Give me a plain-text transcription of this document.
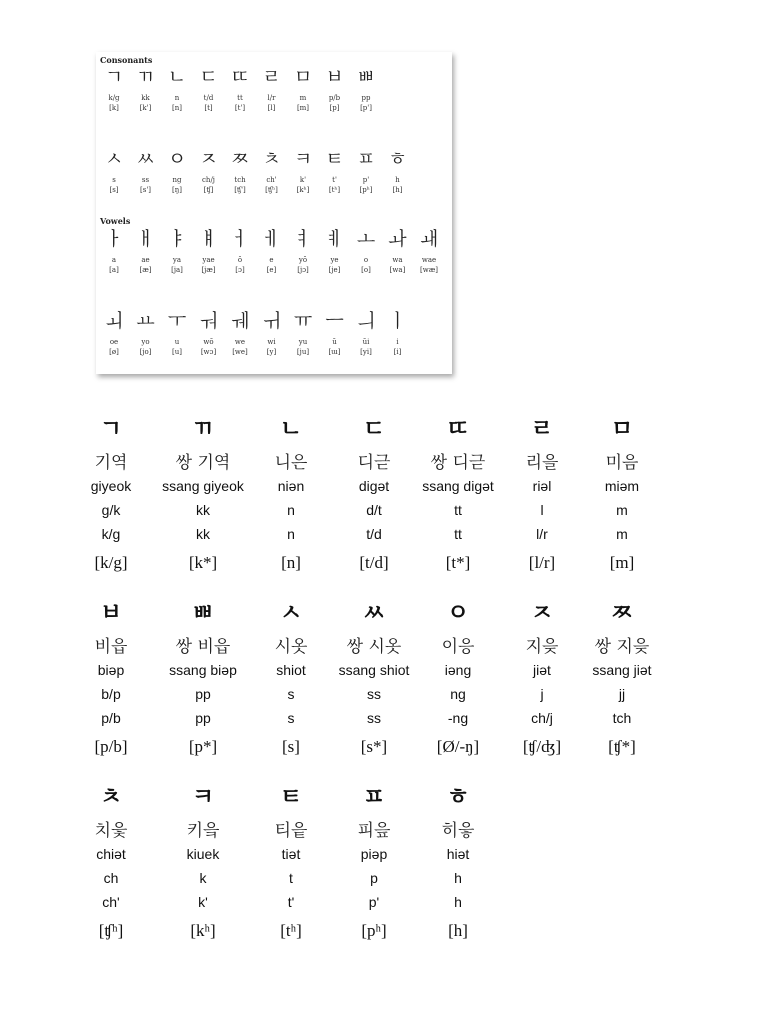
Consonants
Vowels
ㄱ
k/g
[k]
ㄲ
kk
[k']
ㄴ
n
[n]
ㄷ
t/d
[t]
ㄸ
tt
[t']
ㄹ
l/r
[l]
ㅁ
m
[m]
ㅂ
p/b
[p]
ㅃ
pp
[p']
ㅅ
s
[s]
ㅆ
ss
[s']
ㅇ
ng
[ŋ]
ㅈ
ch/j
[ʧ]
ㅉ
tch
[ʧ']
ㅊ
ch'
[ʧʰ]
ㅋ
k'
[kʰ]
ㅌ
t'
[tʰ]
ㅍ
p'
[pʰ]
ㅎ
h
[h]
ㅏ
a
[a]
ㅐ
ae
[æ]
ㅑ
ya
[ja]
ㅒ
yae
[jæ]
ㅓ
ŏ
[ɔ]
ㅔ
e
[e]
ㅕ
yŏ
[jɔ]
ㅖ
ye
[je]
ㅗ
o
[o]
ㅘ
wa
[wa]
ㅙ
wae
[wæ]
ㅚ
oe
[ø]
ㅛ
yo
[jo]
ㅜ
u
[u]
ㅝ
wŏ
[wɔ]
ㅞ
we
[we]
ㅟ
wi
[y]
ㅠ
yu
[ju]
ㅡ
ŭ
[ɯ]
ㅢ
ŭi
[yi]
ㅣ
i
[i]
ㄱ
기역
giyeok
g/k
k/g
[k/g]
ㄲ
쌍 기역
ssang giyeok
kk
kk
[k*]
ㄴ
니은
niən
n
n
[n]
ㄷ
디귿
digət
d/t
t/d
[t/d]
ㄸ
쌍 디귿
ssang digət
tt
tt
[t*]
ㄹ
리을
riəl
l
l/r
[l/r]
ㅁ
미음
miəm
m
m
[m]
ㅂ
비읍
biəp
b/p
p/b
[p/b]
ㅃ
쌍 비읍
ssang biəp
pp
pp
[p*]
ㅅ
시옷
shiot
s
s
[s]
ㅆ
쌍 시옷
ssang shiot
ss
ss
[s*]
ㅇ
이응
iəng
ng
-ng
[Ø/-ŋ]
ㅈ
지읒
jiət
j
ch/j
[ʧ/ʤ]
ㅉ
쌍 지읒
ssang jiət
jj
tch
[ʧ*]
ㅊ
치읓
chiət
ch
ch'
[ʧʰ]
ㅋ
키읔
kiuek
k
k'
[kʰ]
ㅌ
티읕
tiət
t
t'
[tʰ]
ㅍ
피읖
piəp
p
p'
[pʰ]
ㅎ
히읗
hiət
h
h
[h]
